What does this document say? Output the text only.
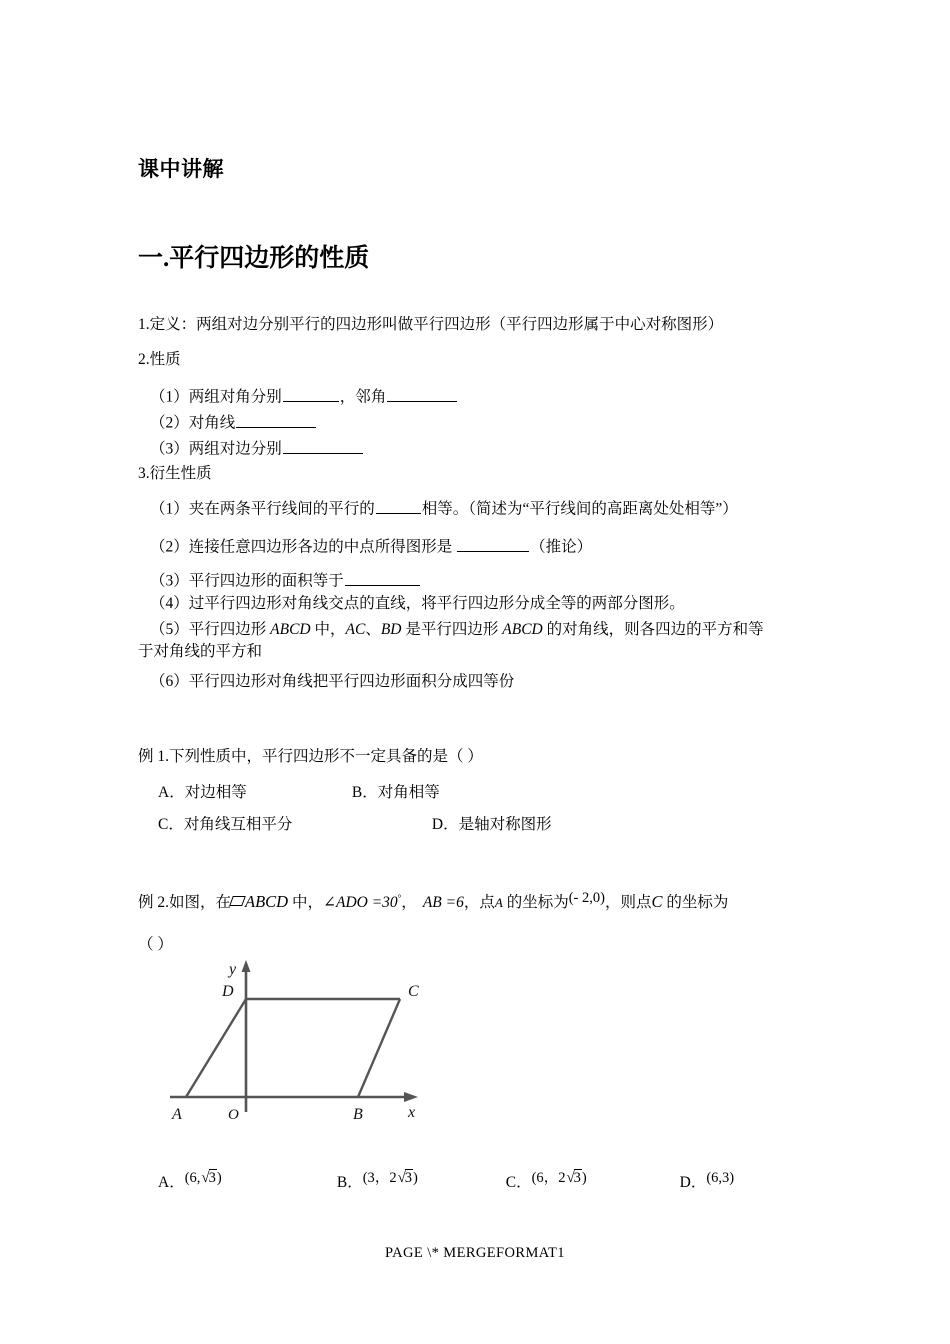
课中讲解
一.平行四边形的性质

1.定义：两组对边分别平行的四边形叫做平行四边形（平行四边形属于中心对称图形）

2.性质

（1）两组对角分别	，邻角

（2）对角线

（3）两组对边分别

3.衍生性质

（1）夹在两条平行线间的平行的	相等。（简述为“平行线间的高距离处处相等”）

（2）连接任意四边形各边的中点所得图形是	（推论）

（3）平行四边形的面积等于

（4）过平行四边形对角线交点的直线，将平行四边形分成全等的两部分图形。

（5）平行四边形 ABCD 中，AC、BD 是平行四边形 ABCD 的对角线，则各四边的平方和等

于对角线的平方和

（6）平行四边形对角线把平行四边形面积分成四等份

例 1.下列性质中，平行四边形不一定具备的是（ ）
A．对边相等	B．对角相等
C．对角线互相平分	D．是轴对称图形
例 2.如图，在 ABCD 中，∠ADO =30°， AB =6，点A 的坐标为(- 2,0)，则点C 的坐标为
（ ）
A．(6,√3)	B．(3，2√3)	C．(6，2√3)	D．(6,3)
A	B
C
D
O
y
x
PAGE \* MERGEFORMAT1
